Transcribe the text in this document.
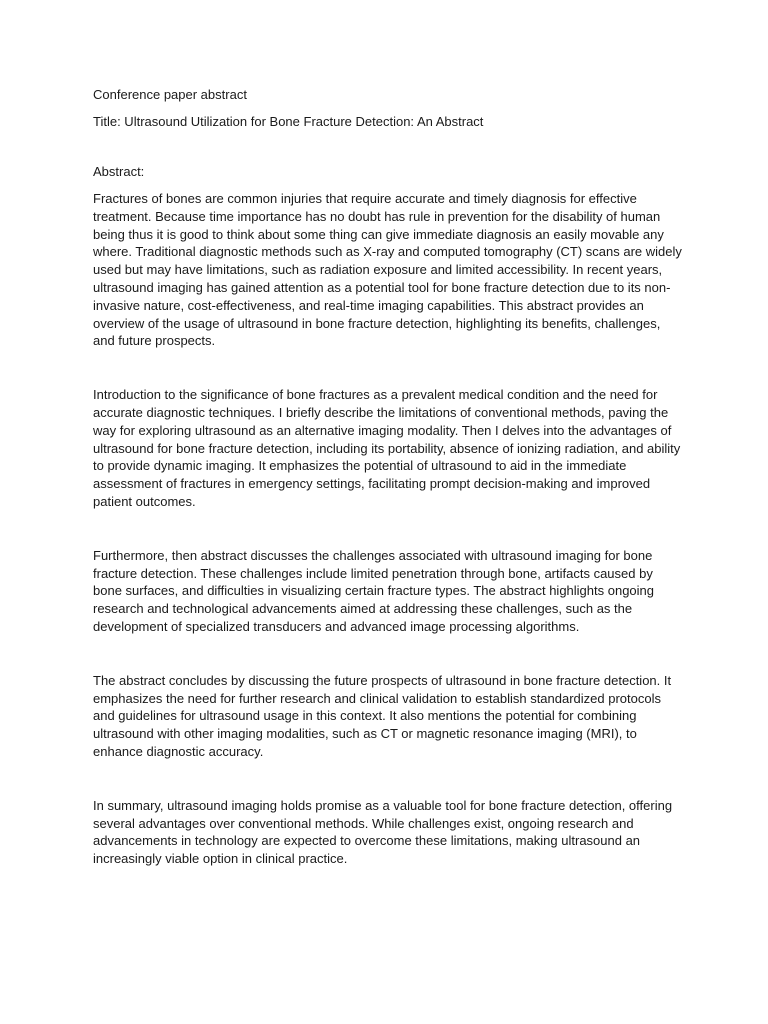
Conference paper abstract

Title: Ultrasound Utilization for Bone Fracture Detection: An Abstract

Abstract:

Fractures of bones are common injuries that require accurate and timely diagnosis for effective treatment. Because time importance has no doubt has rule in prevention for the disability of human being thus it is good to think about some thing can give immediate diagnosis an easily movable any where. Traditional diagnostic methods such as X-ray and computed tomography (CT) scans are widely used but may have limitations, such as radiation exposure and limited accessibility. In recent years, ultrasound imaging has gained attention as a potential tool for bone fracture detection due to its non-invasive nature, cost-effectiveness, and real-time imaging capabilities. This abstract provides an overview of the usage of ultrasound in bone fracture detection, highlighting its benefits, challenges, and future prospects.

Introduction to the significance of bone fractures as a prevalent medical condition and the need for accurate diagnostic techniques. I briefly describe the limitations of conventional methods, paving the way for exploring ultrasound as an alternative imaging modality. Then I delves into the advantages of ultrasound for bone fracture detection, including its portability, absence of ionizing radiation, and ability to provide dynamic imaging. It emphasizes the potential of ultrasound to aid in the immediate assessment of fractures in emergency settings, facilitating prompt decision-making and improved patient outcomes.

Furthermore, then abstract discusses the challenges associated with ultrasound imaging for bone fracture detection. These challenges include limited penetration through bone, artifacts caused by bone surfaces, and difficulties in visualizing certain fracture types. The abstract highlights ongoing research and technological advancements aimed at addressing these challenges, such as the development of specialized transducers and advanced image processing algorithms.

The abstract concludes by discussing the future prospects of ultrasound in bone fracture detection. It emphasizes the need for further research and clinical validation to establish standardized protocols and guidelines for ultrasound usage in this context. It also mentions the potential for combining ultrasound with other imaging modalities, such as CT or magnetic resonance imaging (MRI), to enhance diagnostic accuracy.

In summary, ultrasound imaging holds promise as a valuable tool for bone fracture detection, offering several advantages over conventional methods. While challenges exist, ongoing research and advancements in technology are expected to overcome these limitations, making ultrasound an increasingly viable option in clinical practice.
